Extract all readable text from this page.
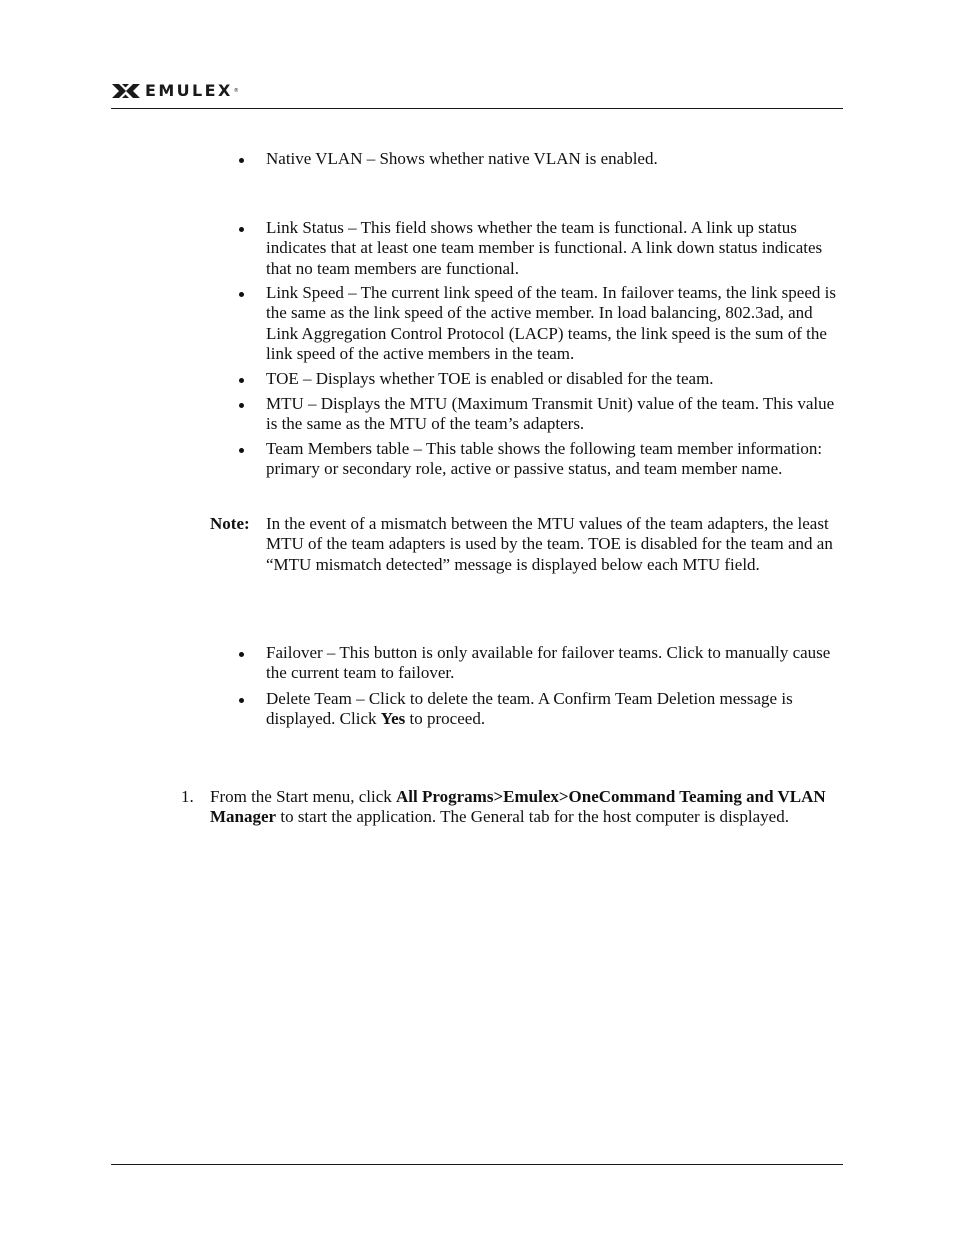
EMULEX ®
Native VLAN – Shows whether native VLAN is enabled.
Link Status – This field shows whether the team is functional. A link up status indicates that at least one team member is functional. A link down status indicates that no team members are functional.
Link Speed – The current link speed of the team. In failover teams, the link speed is the same as the link speed of the active member. In load balancing, 802.3ad, and Link Aggregation Control Protocol (LACP) teams, the link speed is the sum of the link speed of the active members in the team.
TOE – Displays whether TOE is enabled or disabled for the team.
MTU – Displays the MTU (Maximum Transmit Unit) value of the team. This value is the same as the MTU of the team’s adapters.
Team Members table – This table shows the following team member information: primary or secondary role, active or passive status, and team member name.
Note: In the event of a mismatch between the MTU values of the team adapters, the least MTU of the team adapters is used by the team. TOE is disabled for the team and an “MTU mismatch detected” message is displayed below each MTU field.
Failover – This button is only available for failover teams. Click to manually cause the current team to failover.
Delete Team – Click to delete the team. A Confirm Team Deletion message is displayed. Click Yes to proceed.
1. From the Start menu, click All Programs>Emulex>OneCommand Teaming and VLAN Manager to start the application. The General tab for the host computer is displayed.
